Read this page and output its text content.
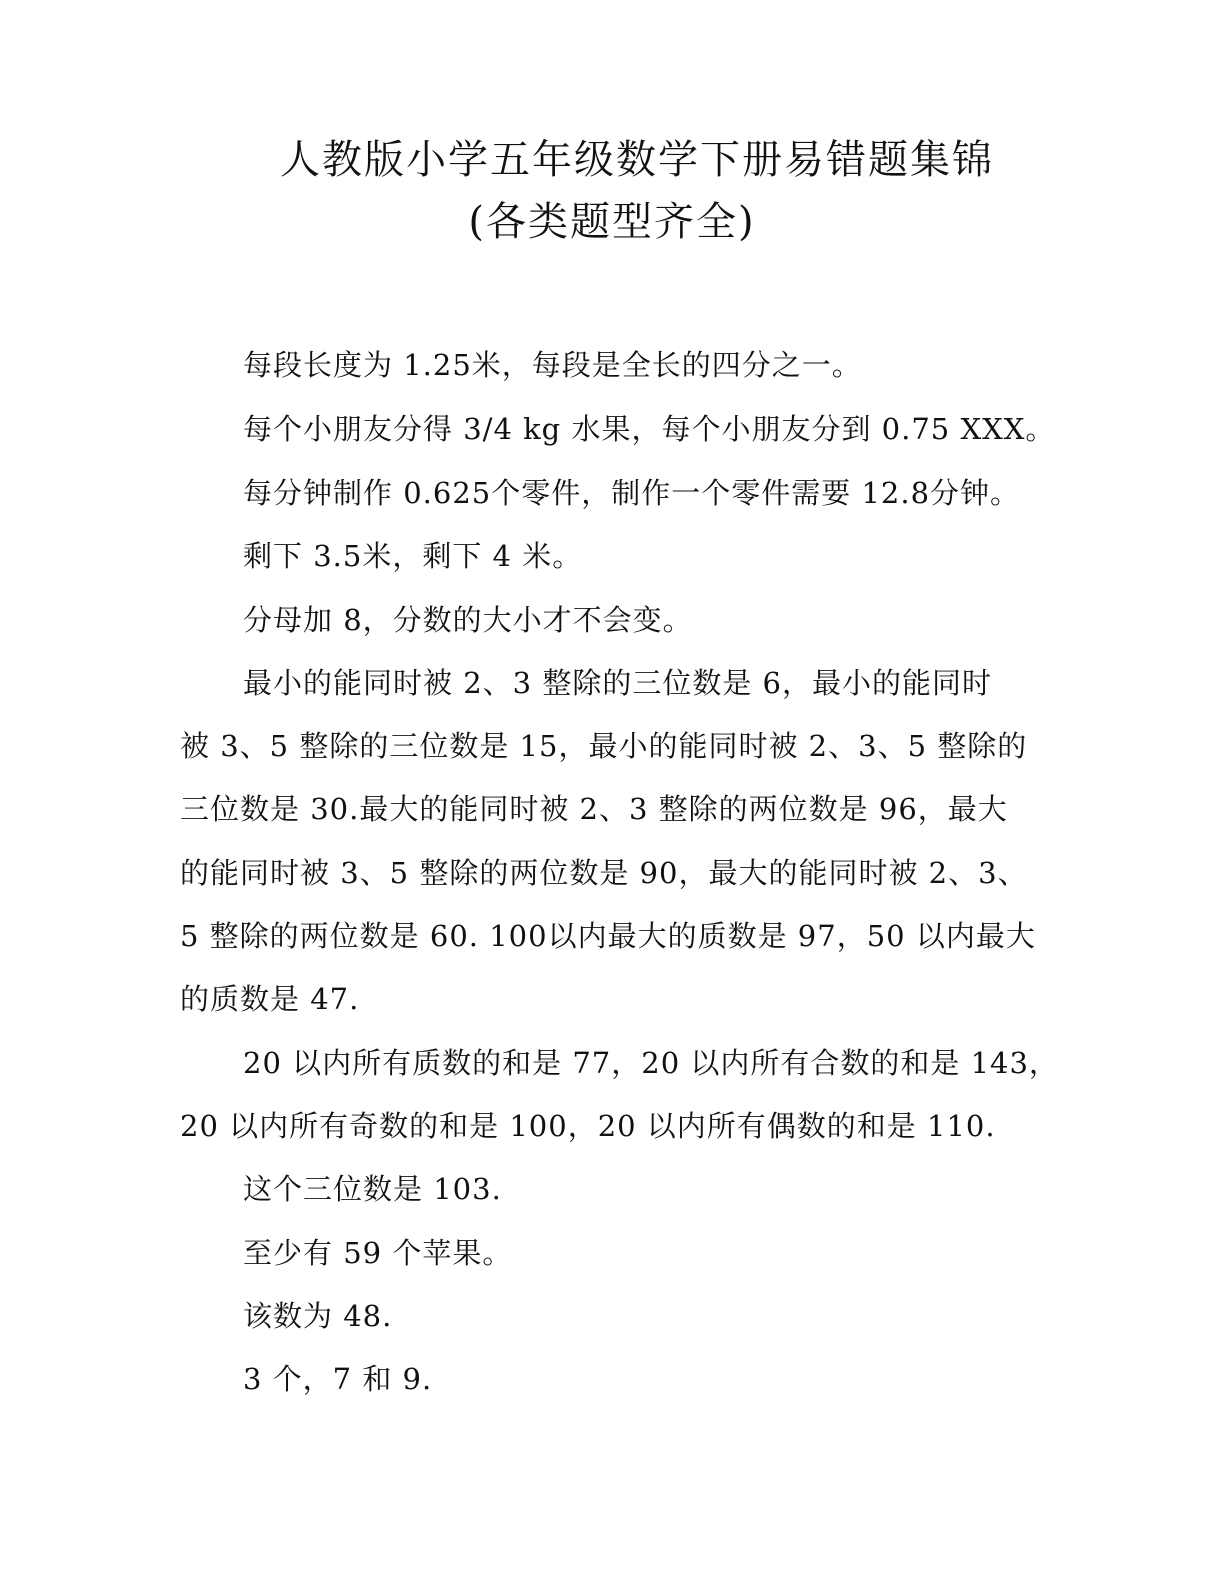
人教版小学五年级数学下册易错题集锦
(各类题型齐全)
每段长度为 1.25米，每段是全长的四分之一。
每个小朋友分得 3/4 kg 水果，每个小朋友分到 0.75 XXX。
每分钟制作 0.625个零件，制作一个零件需要 12.8分钟。
剩下 3.5米，剩下 4 米。
分母加 8，分数的大小才不会变。
最小的能同时被 2、3 整除的三位数是 6，最小的能同时
被 3、5 整除的三位数是 15，最小的能同时被 2、3、5 整除的
三位数是 30.最大的能同时被 2、3 整除的两位数是 96，最大
的能同时被 3、5 整除的两位数是 90，最大的能同时被 2、3、
5 整除的两位数是 60. 100以内最大的质数是 97，50 以内最大
的质数是 47.
20 以内所有质数的和是 77，20 以内所有合数的和是 143，
20 以内所有奇数的和是 100，20 以内所有偶数的和是 110.
这个三位数是 103.
至少有 59 个苹果。
该数为 48.
3 个，7 和 9.
